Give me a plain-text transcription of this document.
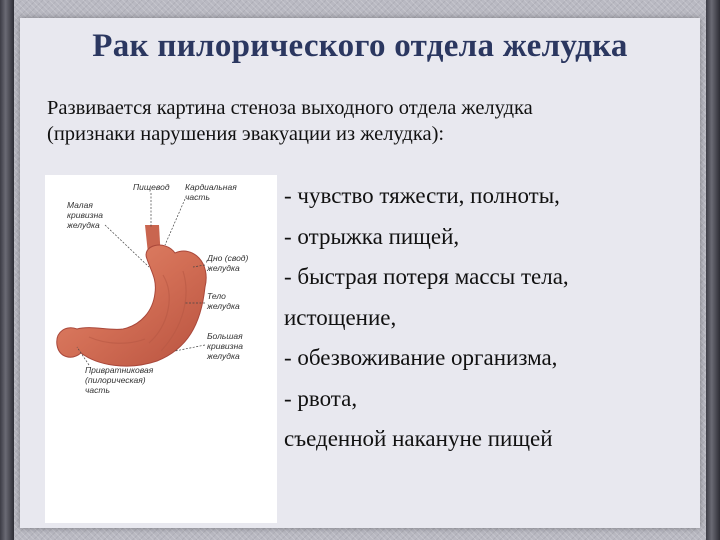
Рак пилорического отдела желудка
Развивается картина стеноза выходного отдела желудка
(признаки нарушения эвакуации из желудка):
Пищевод Кардиальная
часть
Малая
кривизна
желудка
Дно (свод)
желудка
Тело
желудка
Большая
кривизна
желудка
Привратниковая
(пилорическая)
часть
- чувство тяжести, полноты,
- отрыжка пищей,
- быстрая потеря массы тела,
истощение,
- обезвоживание организма,
- рвота,
съеденной накануне пищей
